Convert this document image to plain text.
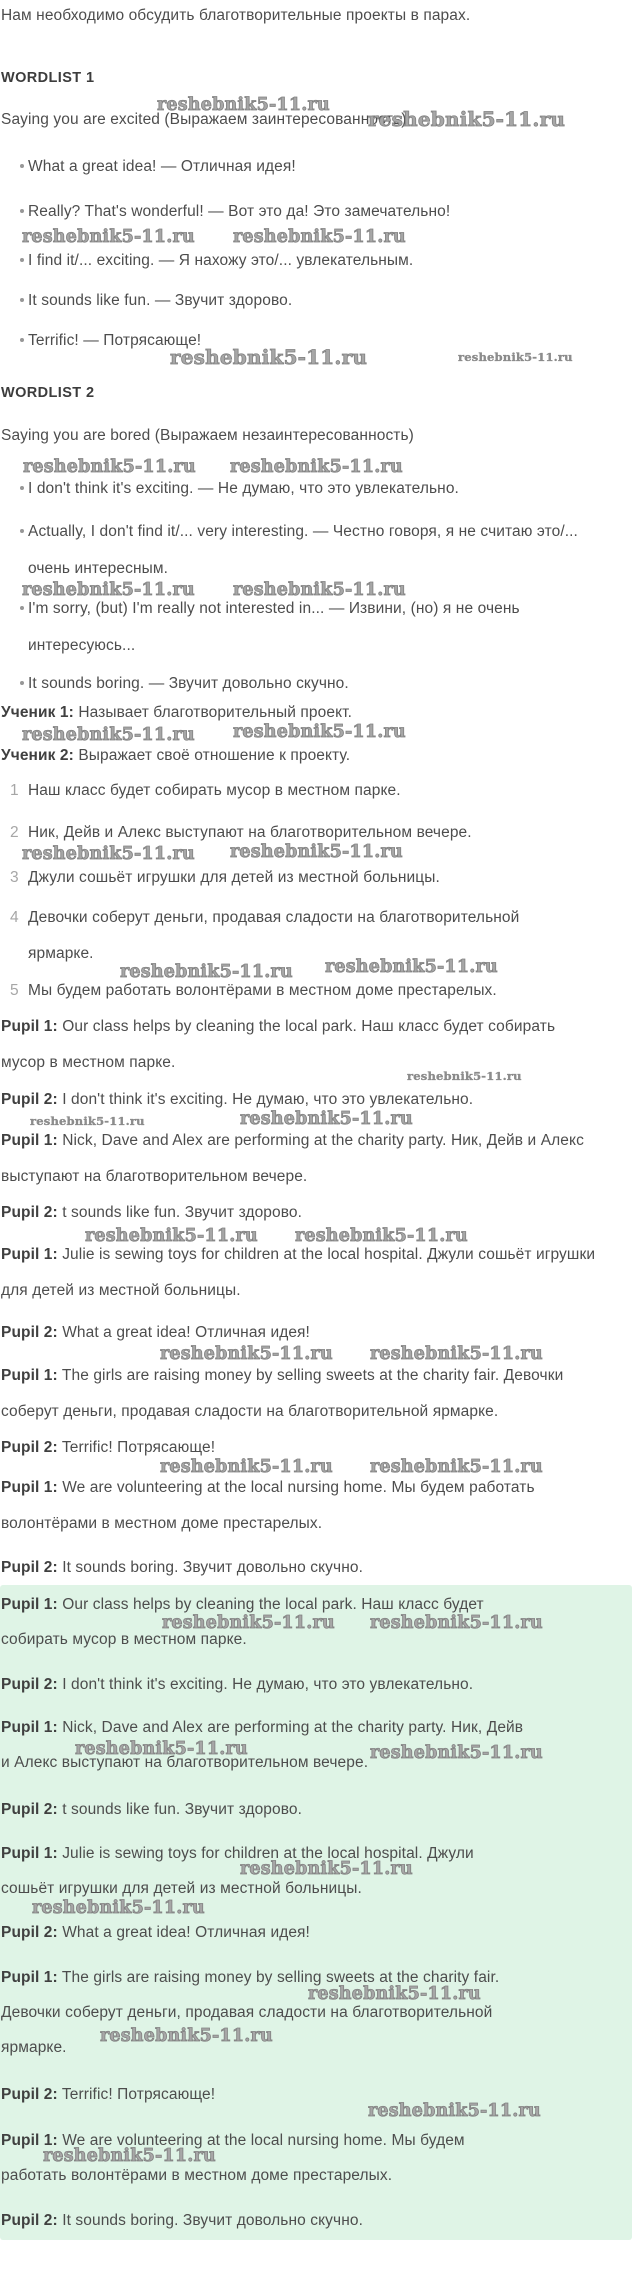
Нам необходимо обсудить благотворительные проекты в парах.

WORDLIST 1

Saying you are excited (Выражаем заинтересованность)

What a great idea! — Отличная идея!
Really? That's wonderful! — Вот это да! Это замечательно!
I find it/... exciting. — Я нахожу это/... увлекательным.
It sounds like fun. — Звучит здорово.
Terrific! — Потрясающе!
WORDLIST 2

Saying you are bored (Выражаем незаинтересованность)

I don't think it's exciting. — Не думаю, что это увлекательно.
Actually, I don't find it/... very interesting. — Честно говоря, я не считаю это/... очень интересным.
I'm sorry, (but) I'm really not interested in... — Извини, (но) я не очень интересуюсь...
It sounds boring. — Звучит довольно скучно.

Ученик 1: Называет благотворительный проект.

Ученик 2: Выражает своё отношение к проекту.

1 Наш класс будет собирать мусор в местном парке.
2 Ник, Дейв и Алекс выступают на благотворительном вечере.
3 Джули сошьёт игрушки для детей из местной больницы.
4 Девочки соберут деньги, продавая сладости на благотворительной ярмарке.
5 Мы будем работать волонтёрами в местном доме престарелых.

Pupil 1: Our class helps by cleaning the local park. Наш класс будет собирать мусор в местном парке.

Pupil 2: I don't think it's exciting. Не думаю, что это увлекательно.

Pupil 1: Nick, Dave and Alex are performing at the charity party. Ник, Дейв и Алекс выступают на благотворительном вечере.

Pupil 2: t sounds like fun. Звучит здорово.

Pupil 1: Julie is sewing toys for children at the local hospital. Джули сошьёт игрушки для детей из местной больницы.

Pupil 2: What a great idea! Отличная идея!

Pupil 1: The girls are raising money by selling sweets at the charity fair. Девочки соберут деньги, продавая сладости на благотворительной ярмарке.

Pupil 2: Terrific! Потрясающе!

Pupil 1: We are volunteering at the local nursing home. Мы будем работать волонтёрами в местном доме престарелых.

Pupil 2: It sounds boring. Звучит довольно скучно.

Pupil 1: Our class helps by cleaning the local park. Наш класс будет собирать мусор в местном парке.

Pupil 2: I don't think it's exciting. Не думаю, что это увлекательно.

Pupil 1: Nick, Dave and Alex are performing at the charity party. Ник, Дейв и Алекс выступают на благотворительном вечере.

Pupil 2: t sounds like fun. Звучит здорово.

Pupil 1: Julie is sewing toys for children at the local hospital. Джули сошьёт игрушки для детей из местной больницы.

Pupil 2: What a great idea! Отличная идея!

Pupil 1: The girls are raising money by selling sweets at the charity fair. Девочки соберут деньги, продавая сладости на благотворительной ярмарке.

Pupil 2: Terrific! Потрясающе!

Pupil 1: We are volunteering at the local nursing home. Мы будем работать волонтёрами в местном доме престарелых.

Pupil 2: It sounds boring. Звучит довольно скучно.

reshebnik5-11.ru
reshebnik5-11.ru
reshebnik5-11.ru reshebnik5-11.ru
reshebnik5-11.ru	reshebnik5-11.ru
reshebnik5-11.ru reshebnik5-11.ru
reshebnik5-11.ru reshebnik5-11.ru
reshebnik5-11.ru reshebnik5-11.ru
reshebnik5-11.ru reshebnik5-11.ru
reshebnik5-11.ru reshebnik5-11.ru
reshebnik5-11.ru
reshebnik5-11.ru	reshebnik5-11.ru
reshebnik5-11.ru reshebnik5-11.ru
reshebnik5-11.ru reshebnik5-11.ru
reshebnik5-11.ru reshebnik5-11.ru
reshebnik5-11.ru reshebnik5-11.ru
reshebnik5-11.ru	reshebnik5-11.ru
reshebnik5-11.ru
reshebnik5-11.ru
reshebnik5-11.ru
reshebnik5-11.ru
reshebnik5-11.ru
reshebnik5-11.ru
